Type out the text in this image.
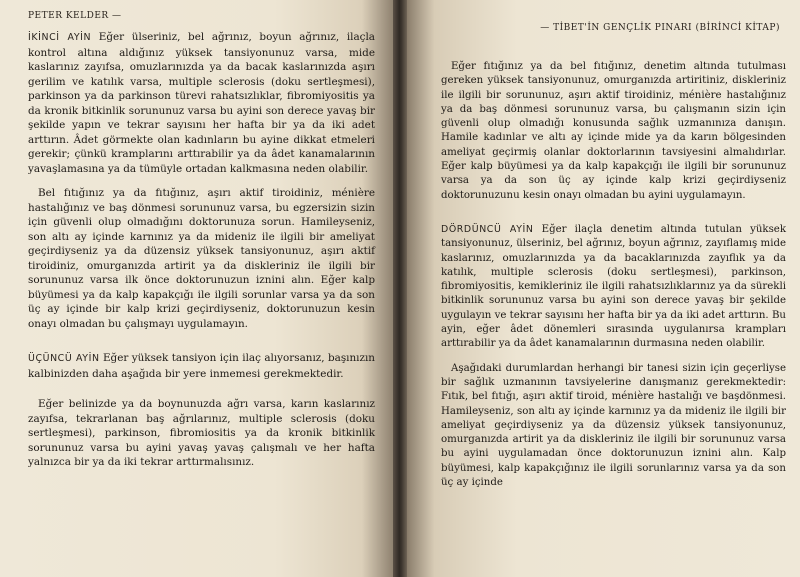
PETER KELDER —

İKİNCİ AYİN Eğer ülseriniz, bel ağrınız, boyun ağrınız, ilaçla kontrol altına aldığınız yüksek tansiyonunuz varsa, mide kaslarınız zayıfsa, omuzlarınızda ya da bacak kaslarınızda aşırı gerilim ve katılık varsa, multiple sclerosis (doku sertleşmesi), parkinson ya da parkinson türevi rahatsızlıklar, fibromiyositis ya da kronik bitkinlik sorununuz varsa bu ayini son derece yavaş bir şekilde yapın ve tekrar sayısını her hafta bir ya da iki adet arttırın. Âdet görmekte olan kadınların bu ayine dikkat etmeleri gerekir; çünkü kramplarını arttırabilir ya da âdet kanamalarının yavaşlamasına ya da tümüyle ortadan kalkmasına neden olabilir.

Bel fıtığınız ya da fıtığınız, aşırı aktif tiroidiniz, ménière hastalığınız ve baş dönmesi sorununuz varsa, bu egzersizin sizin için güvenli olup olmadığını doktorunuza sorun. Hamileyseniz, son altı ay içinde karnınız ya da mideniz ile ilgili bir ameliyat geçirdiyseniz ya da düzensiz yüksek tansiyonunuz, aşırı aktif tiroidiniz, omurganızda artirit ya da diskleriniz ile ilgili bir sorununuz varsa ilk önce doktorunuzun iznini alın. Eğer kalp büyümesi ya da kalp kapakçığı ile ilgili sorunlar varsa ya da son üç ay içinde bir kalp krizi geçirdiyseniz, doktorunuzun kesin onayı olmadan bu çalışmayı uygulamayın.

ÜÇÜNCÜ AYİN Eğer yüksek tansiyon için ilaç alıyorsanız, başınızın kalbinizden daha aşağıda bir yere inmemesi gerekmektedir.

Eğer belinizde ya da boynunuzda ağrı varsa, karın kaslarınız zayıfsa, tekrarlanan baş ağrılarınız, multiple sclerosis (doku sertleşmesi), parkinson, fibromiositis ya da kronik bitkinlik sorununuz varsa bu ayini yavaş yavaş çalışmalı ve her hafta yalnızca bir ya da iki tekrar arttırmalısınız.

— TİBET'İN GENÇLİK PINARI (BİRİNCİ KİTAP)

Eğer fıtığınız ya da bel fıtığınız, denetim altında tutulması gereken yüksek tansiyonunuz, omurganızda artiritiniz, diskleriniz ile ilgili bir sorununuz, aşırı aktif tiroidiniz, ménière hastalığınız ya da baş dönmesi sorununuz varsa, bu çalışmanın sizin için güvenli olup olmadığı konusunda sağlık uzmanınıza danışın. Hamile kadınlar ve altı ay içinde mide ya da karın bölgesinden ameliyat geçirmiş olanlar doktorlarının tavsiyesini almalıdırlar. Eğer kalp büyümesi ya da kalp kapakçığı ile ilgili bir sorununuz varsa ya da son üç ay içinde kalp krizi geçirdiyseniz doktorunuzunu kesin onayı olmadan bu ayini uygulamayın.

DÖRDÜNCÜ AYİN Eğer ilaçla denetim altında tutulan yüksek tansiyonunuz, ülseriniz, bel ağrınız, boyun ağrınız, zayıflamış mide kaslarınız, omuzlarınızda ya da bacaklarınızda zayıflık ya da katılık, multiple sclerosis (doku sertleşmesi), parkinson, fibromiyositis, kemikleriniz ile ilgili rahatsızlıklarınız ya da sürekli bitkinlik sorununuz varsa bu ayini son derece yavaş bir şekilde uygulayın ve tekrar sayısını her hafta bir ya da iki adet arttırın. Bu ayin, eğer âdet dönemleri sırasında uygulanırsa krampları arttırabilir ya da âdet kanamalarının durmasına neden olabilir.

Aşağıdaki durumlardan herhangi bir tanesi sizin için geçerliyse bir sağlık uzmanının tavsiyelerine danışmanız gerekmektedir: Fıtık, bel fıtığı, aşırı aktif tiroid, ménière hastalığı ve başdönmesi. Hamileyseniz, son altı ay içinde karnınız ya da mideniz ile ilgili bir ameliyat geçirdiyseniz ya da düzensiz yüksek tansiyonunuz, omurganızda artirit ya da diskleriniz ile ilgili bir sorununuz varsa bu ayini uygulamadan önce doktorunuzun iznini alın. Kalp büyümesi, kalp kapakçığınız ile ilgili sorunlarınız varsa ya da son üç ay içinde
